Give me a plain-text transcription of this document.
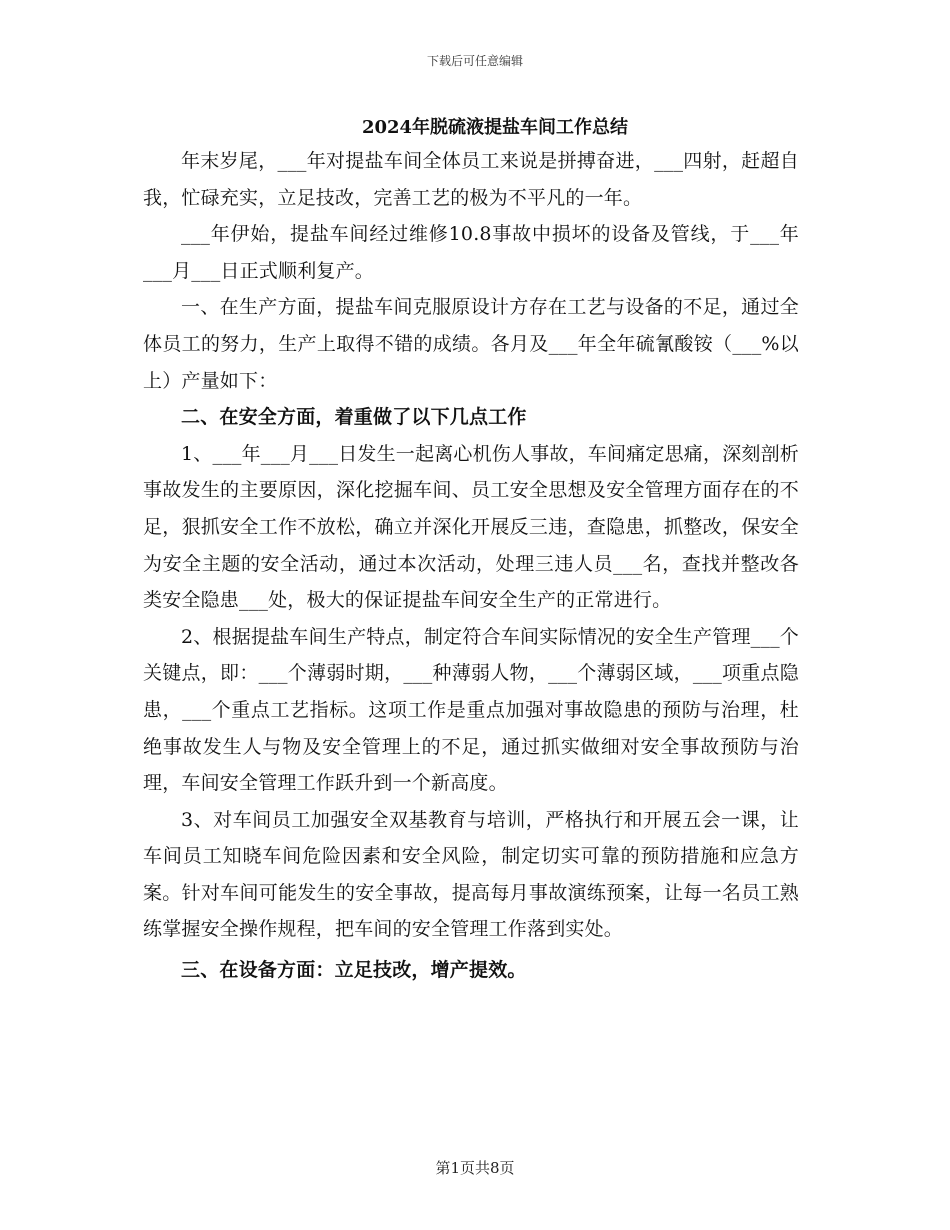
下载后可任意编辑
2024年脱硫液提盐车间工作总结

年末岁尾，___年对提盐车间全体员工来说是拼搏奋进，___四射，赶超自我，忙碌充实，立足技改，完善工艺的极为不平凡的一年。

___年伊始，提盐车间经过维修10.8事故中损坏的设备及管线，于___年___月___日正式顺利复产。

一、在生产方面，提盐车间克服原设计方存在工艺与设备的不足，通过全体员工的努力，生产上取得不错的成绩。各月及___年全年硫氰酸铵（___%以上）产量如下：

二、在安全方面，着重做了以下几点工作

1、___年___月___日发生一起离心机伤人事故，车间痛定思痛，深刻剖析事故发生的主要原因，深化挖掘车间、员工安全思想及安全管理方面存在的不足，狠抓安全工作不放松，确立并深化开展反三违，查隐患，抓整改，保安全为安全主题的安全活动，通过本次活动，处理三违人员___名，查找并整改各类安全隐患___处，极大的保证提盐车间安全生产的正常进行。

2、根据提盐车间生产特点，制定符合车间实际情况的安全生产管理___个关键点，即：___个薄弱时期，___种薄弱人物，___个薄弱区域，___项重点隐患，___个重点工艺指标。这项工作是重点加强对事故隐患的预防与治理，杜绝事故发生人与物及安全管理上的不足，通过抓实做细对安全事故预防与治理，车间安全管理工作跃升到一个新高度。

3、对车间员工加强安全双基教育与培训，严格执行和开展五会一课，让车间员工知晓车间危险因素和安全风险，制定切实可靠的预防措施和应急方案。针对车间可能发生的安全事故，提高每月事故演练预案，让每一名员工熟练掌握安全操作规程，把车间的安全管理工作落到实处。

三、在设备方面：立足技改，增产提效。

第1页共8页
